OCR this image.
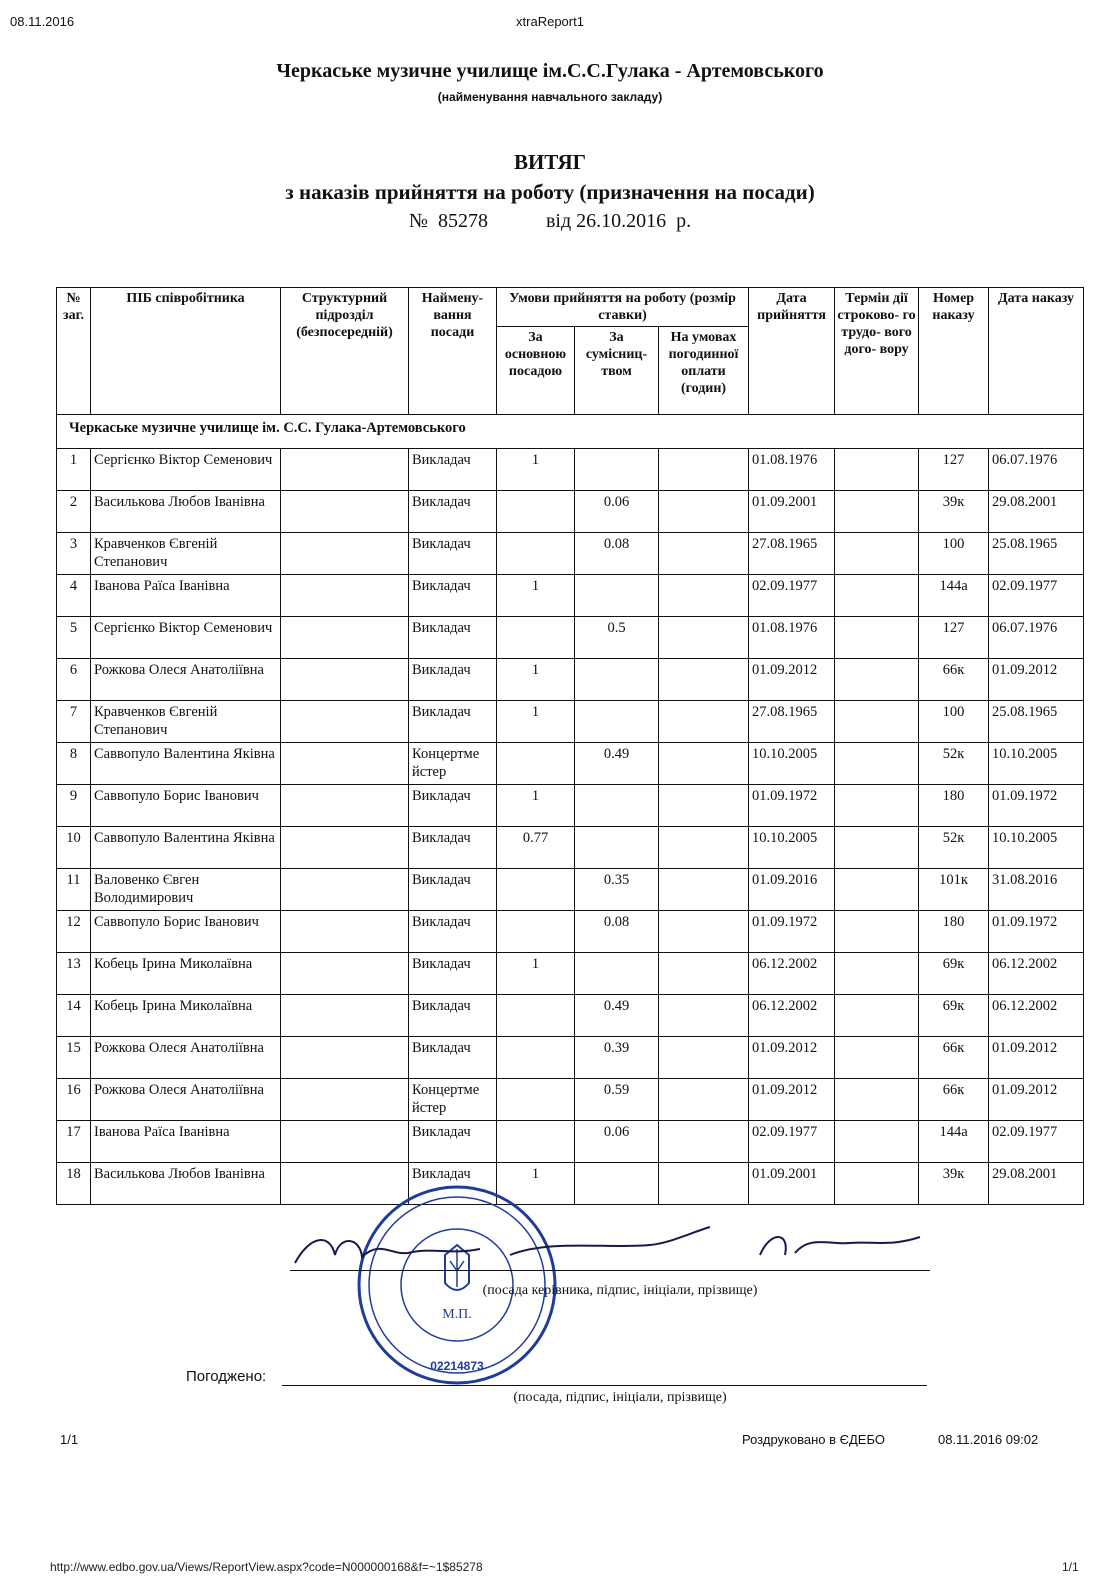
08.11.2016	xtraReport1
Черкаське музичне училище ім.С.С.Гулака - Артемовського
(найменування навчального закладу)
ВИТЯГ
з наказів прийняття на роботу (призначення на посади)
№ 85278	від 26.10.2016 р.
№ заг.	ПІБ співробітника	Структурний підрозділ (безпосередній)	Наймену- вання посади	Умови прийняття на роботу (розмір ставки)			Дата прийняття	Термін дії строково- го трудо- вого дого- вору	Номер наказу	Дата наказу
				За основною посадою	За сумісниц- твом	На умовах погодинної оплати (годин)				
Черкаське музичне училище ім. С.С. Гулака-Артемовського										
1	Сергієнко Віктор Семенович		Викладач	1			01.08.1976		127	06.07.1976
2	Василькова Любов Іванівна		Викладач		0.06		01.09.2001		39к	29.08.2001
3	Кравченков Євгеній Степанович		Викладач		0.08		27.08.1965		100	25.08.1965
4	Іванова Раїса Іванівна		Викладач	1			02.09.1977		144а	02.09.1977
5	Сергієнко Віктор Семенович		Викладач		0.5		01.08.1976		127	06.07.1976
6	Рожкова Олеся Анатоліївна		Викладач	1			01.09.2012		66к	01.09.2012
7	Кравченков Євгеній Степанович		Викладач	1			27.08.1965		100	25.08.1965
8	Саввопуло Валентина Яківна		Концертме йстер		0.49		10.10.2005		52к	10.10.2005
9	Саввопуло Борис Іванович		Викладач	1			01.09.1972		180	01.09.1972
10	Саввопуло Валентина Яківна		Викладач	0.77			10.10.2005		52к	10.10.2005
11	Валовенко Євген Володимирович		Викладач		0.35		01.09.2016		101к	31.08.2016
12	Саввопуло Борис Іванович		Викладач		0.08		01.09.1972		180	01.09.1972
13	Кобець Ірина Миколаївна		Викладач	1			06.12.2002		69к	06.12.2002
14	Кобець Ірина Миколаївна		Викладач		0.49		06.12.2002		69к	06.12.2002
15	Рожкова Олеся Анатоліївна		Викладач		0.39		01.09.2012		66к	01.09.2012
16	Рожкова Олеся Анатоліївна		Концертме йстер		0.59		01.09.2012		66к	01.09.2012
17	Іванова Раїса Іванівна		Викладач		0.06		02.09.1977		144а	02.09.1977
18	Василькова Любов Іванівна		Викладач	1			01.09.2001		39к	29.08.2001
М.П.
02214873
(посада керівника, підпис, ініціали, прізвище)
Погоджено:
(посада, підпис, ініціали, прізвище)
1/1	Роздруковано в ЄДЕБО	08.11.2016 09:02
http://www.edbo.gov.ua/Views/ReportView.aspx?code=N000000168&f=~1$85278	1/1
